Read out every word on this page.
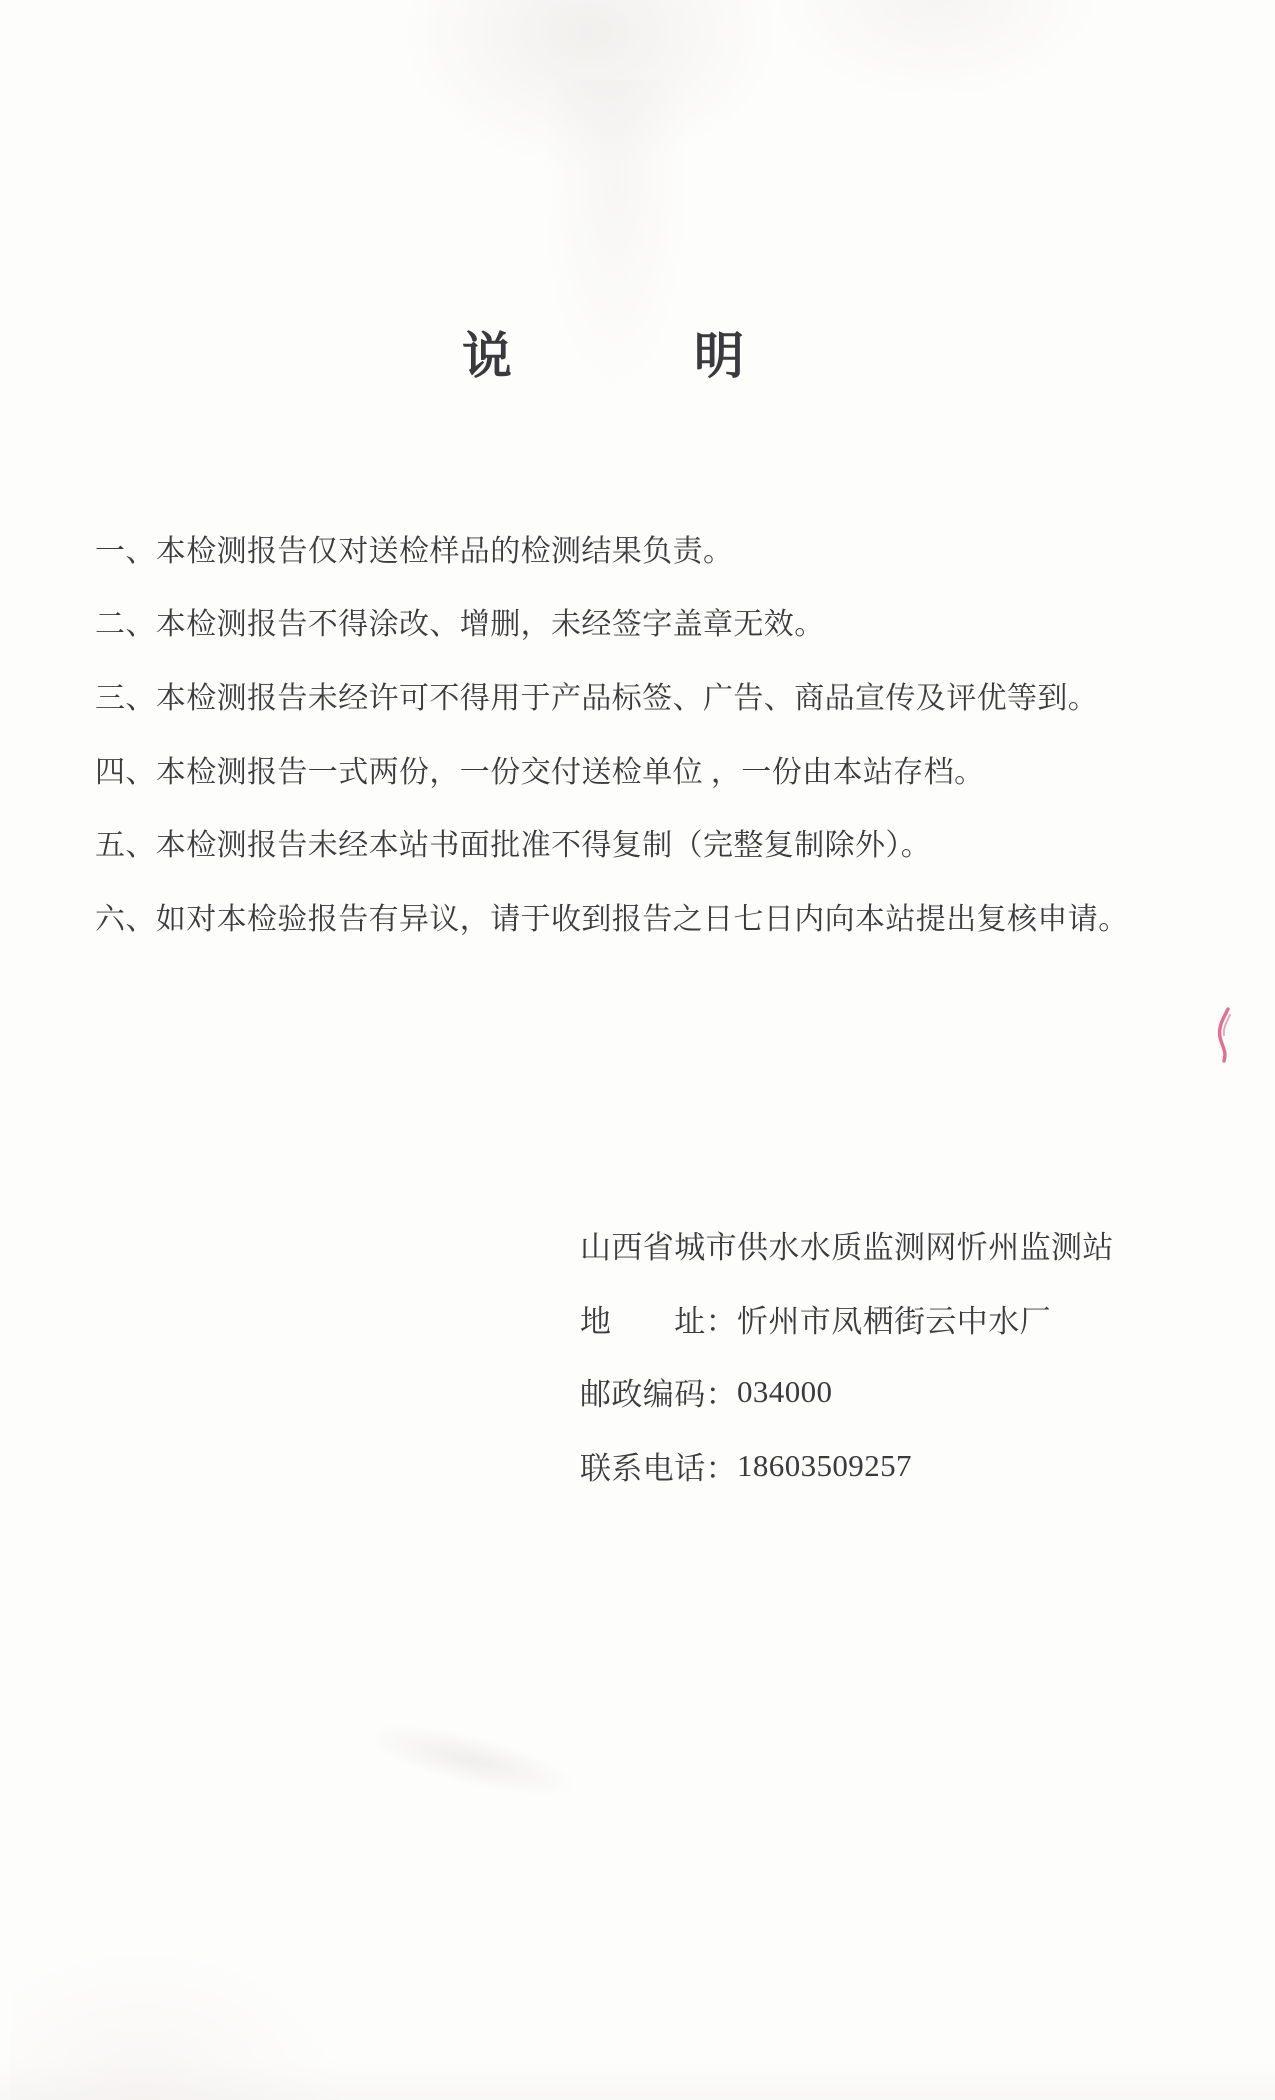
说	明
一、本检测报告仅对送检样品的检测结果负责。
二、本检测报告不得涂改、增删，未经签字盖章无效。
三、本检测报告未经许可不得用于产品标签、广告、商品宣传及评优等到。
四、本检测报告一式两份，一份交付送检单位 ，一份由本站存档。
五、本检测报告未经本站书面批准不得复制（完整复制除外）。
六、如对本检验报告有异议，请于收到报告之日七日内向本站提出复核申请。
山西省城市供水水质监测网忻州监测站
地　　址： 忻州市凤栖街云中水厂
邮政编码： 034000
联系电话： 18603509257
